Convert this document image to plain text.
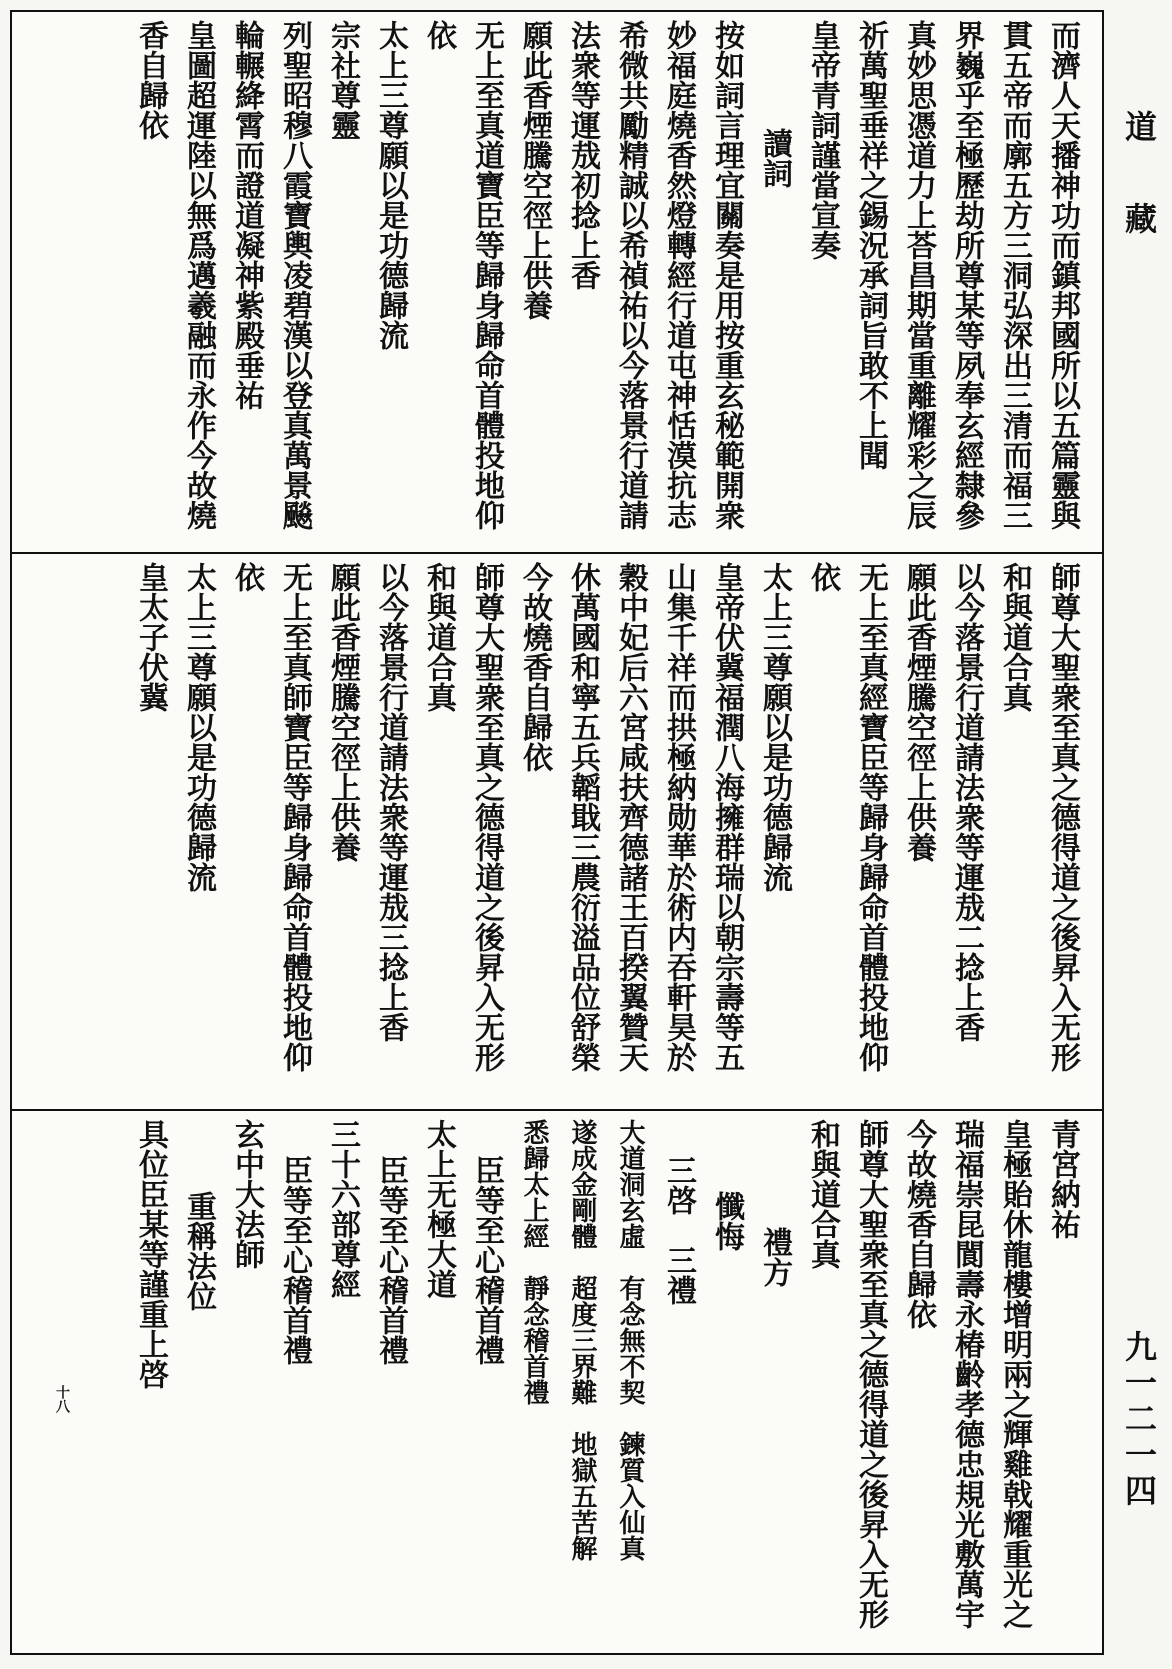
而濟人天播神功而鎮邦國所以五篇靈與
貫五帝而廓五方三洞弘深出三清而福三
界巍乎至極歷劫所尊某等夙奉玄經隸參
真妙思憑道力上荅昌期當重離耀彩之辰
祈萬聖垂祥之錫況承詞旨敢不上聞
皇帝青詞謹當宣奏
讀詞
按如詞言理宜關奏是用按重玄秘範開衆
妙福庭燒香然燈轉經行道屯神恬漠抗志
希微共勵精誠以希禎祐以今落景行道請
法衆等運㦲初捻上香
願此香煙騰空徑上供養
无上至真道寶臣等歸身歸命首體投地仰
依
太上三尊願以是功德歸流
宗社尊靈
列聖昭穆八霞寶輿凌碧漢以登真萬景飈
輪輾絳霄而證道凝神紫殿垂祐
皇圖超運陸以無爲邁羲融而永作今故燒
香自歸依
師尊大聖衆至真之德得道之後昇入无形
和與道合真
以今落景行道請法衆等運㦲二捻上香
願此香煙騰空徑上供養
无上至真經寶臣等歸身歸命首體投地仰
依
太上三尊願以是功德歸流
皇帝伏冀福潤八海擁群瑞以朝宗壽等五
山集千祥而拱極納勋華於術内吞軒昊於
穀中妃后六宮咸扶齊德諸王百揆翼贊天
休萬國和寧五兵韜戢三農衍溢品位舒榮
今故燒香自歸依
師尊大聖衆至真之德得道之後昇入无形
和與道合真
以今落景行道請法衆等運㦲三捻上香
願此香煙騰空徑上供養
无上至真師寶臣等歸身歸命首體投地仰
依
太上三尊願以是功德歸流
皇太子伏冀
青宮納祐
皇極貽休龍樓增明兩之輝雞戟耀重光之
瑞福崇昆閬壽永椿齡孝德忠規光敷萬宇
今故燒香自歸依
師尊大聖衆至真之德得道之後昇入无形
和與道合真
禮方
懺悔
三啓　三禮
大道洞玄虛　有念無不契　鍊質入仙真
遂成金剛體　超度三界難　地獄五苦解
悉歸太上經　靜念稽首禮
臣等至心稽首禮
太上无極大道
臣等至心稽首禮
三十六部尊經
臣等至心稽首禮
玄中大法師
重稱法位
具位臣某等謹重上啓
十八
道藏
九一二一四
